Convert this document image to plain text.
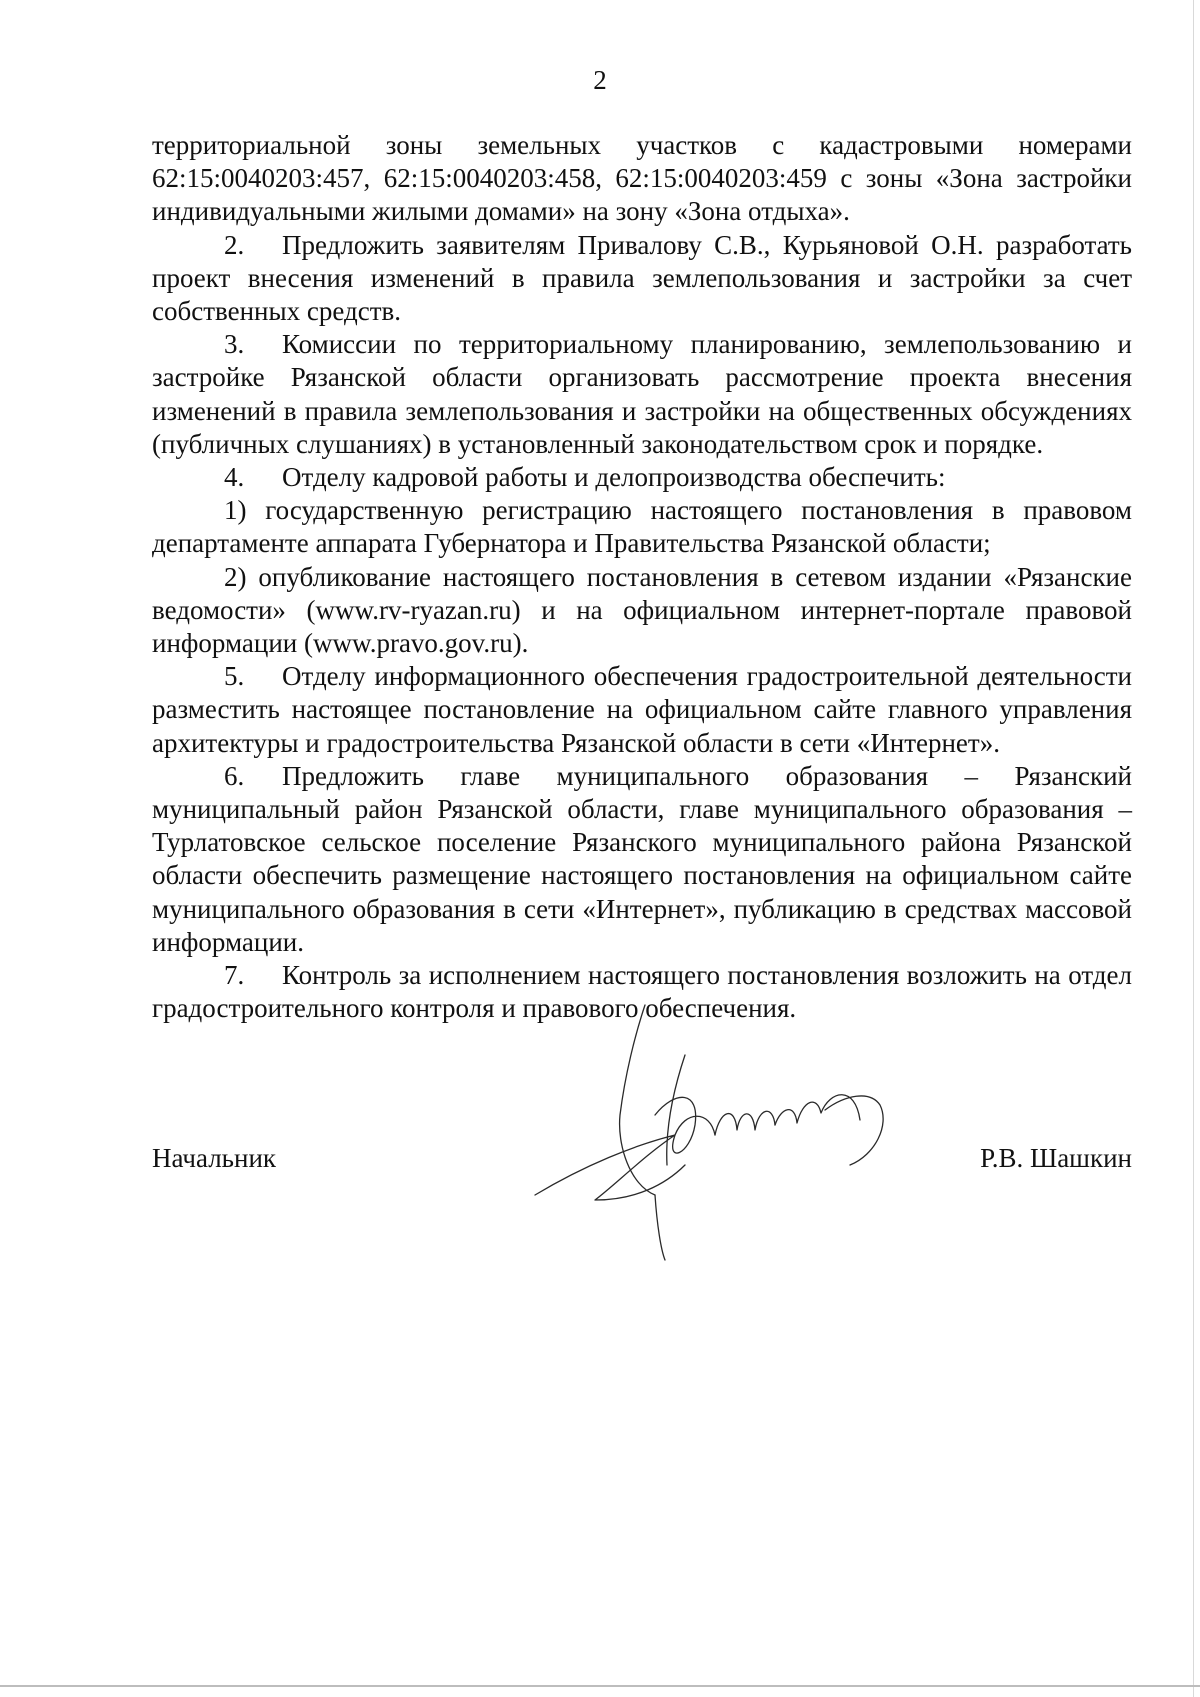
2

территориальной зоны земельных участков с кадастровыми номерами 62:15:0040203:457, 62:15:0040203:458, 62:15:0040203:459 с зоны «Зона застройки индивидуальными жилыми домами» на зону «Зона отдыха».

2. Предложить заявителям Привалову С.В., Курьяновой О.Н. разработать проект внесения изменений в правила землепользования и застройки за счет собственных средств.

3. Комиссии по территориальному планированию, землепользованию и застройке Рязанской области организовать рассмотрение проекта внесения изменений в правила землепользования и застройки на общественных обсуждениях (публичных слушаниях) в установленный законодательством срок и порядке.

4. Отделу кадровой работы и делопроизводства обеспечить:

1) государственную регистрацию настоящего постановления в правовом департаменте аппарата Губернатора и Правительства Рязанской области;

2) опубликование настоящего постановления в сетевом издании «Рязанские ведомости» (www.rv-ryazan.ru) и на официальном интернет-портале правовой информации (www.pravo.gov.ru).

5. Отделу информационного обеспечения градостроительной деятельности разместить настоящее постановление на официальном сайте главного управления архитектуры и градостроительства Рязанской области в сети «Интернет».

6. Предложить главе муниципального образования – Рязанский муниципальный район Рязанской области, главе муниципального образования – Турлатовское сельское поселение Рязанского муниципального района Рязанской области обеспечить размещение настоящего постановления на официальном сайте муниципального образования в сети «Интернет», публикацию в средствах массовой информации.

7. Контроль за исполнением настоящего постановления возложить на отдел градостроительного контроля и правового обеспечения.

Начальник	Р.В. Шашкин
